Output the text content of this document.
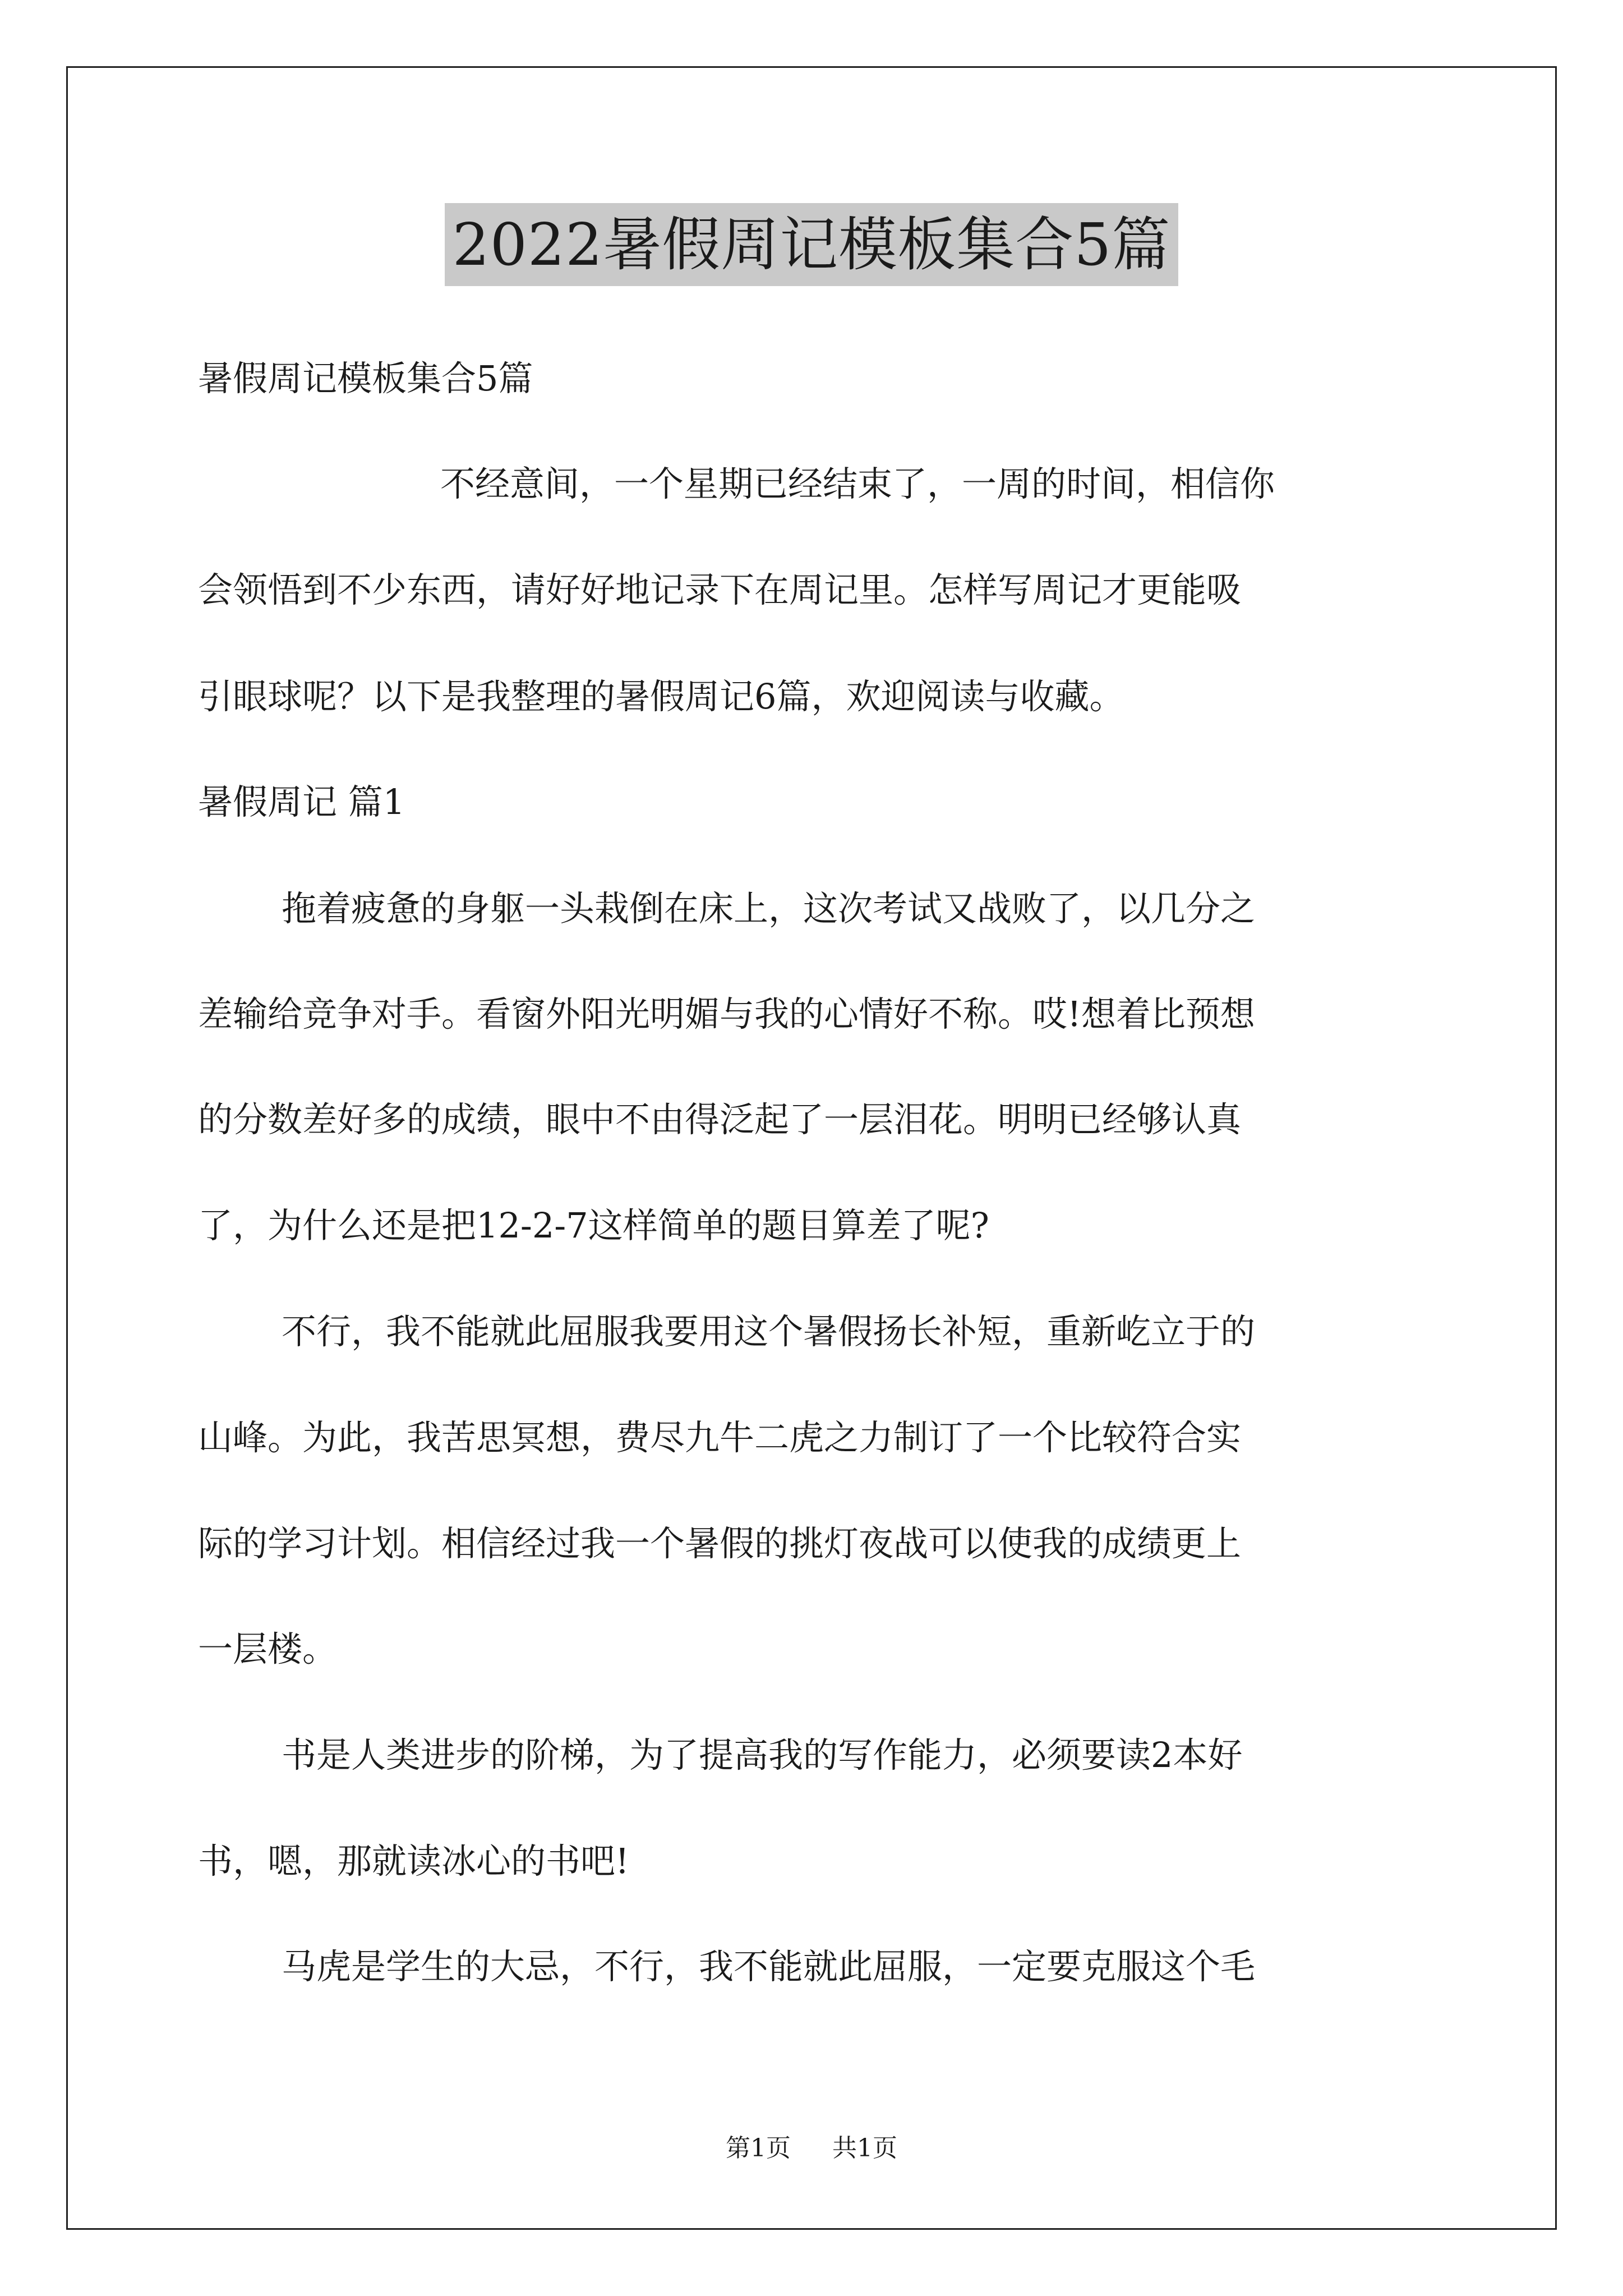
2022暑假周记模板集合5篇
暑假周记模板集合5篇
不经意间，一个星期已经结束了，一周的时间，相信你
会领悟到不少东西，请好好地记录下在周记里。怎样写周记才更能吸
引眼球呢？以下是我整理的暑假周记6篇，欢迎阅读与收藏。
暑假周记 篇1
拖着疲惫的身躯一头栽倒在床上，这次考试又战败了，以几分之
差输给竞争对手。看窗外阳光明媚与我的心情好不称。哎!想着比预想
的分数差好多的成绩，眼中不由得泛起了一层泪花。明明已经够认真
了，为什么还是把12-2-7这样简单的题目算差了呢?
不行，我不能就此屈服我要用这个暑假扬长补短，重新屹立于的
山峰。为此，我苦思冥想，费尽九牛二虎之力制订了一个比较符合实
际的学习计划。相信经过我一个暑假的挑灯夜战可以使我的成绩更上
一层楼。
书是人类进步的阶梯，为了提高我的写作能力，必须要读2本好
书，嗯，那就读冰心的书吧!
马虎是学生的大忌，不行，我不能就此屈服，一定要克服这个毛
第1页 共1页
